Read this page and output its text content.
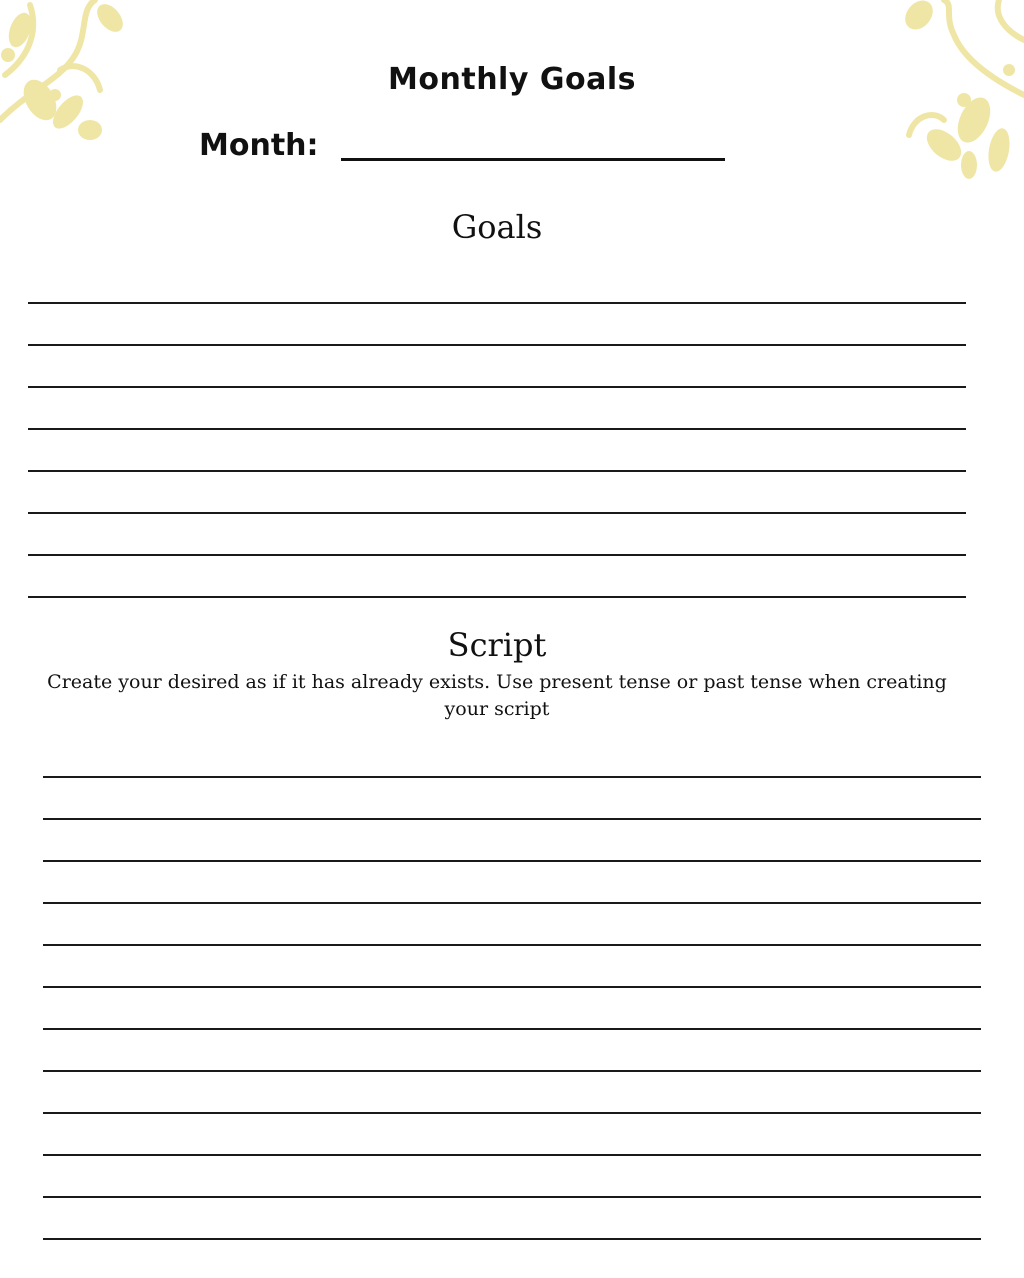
Monthly Goals
Month:
Goals
Script
Create your desired as if it has already exists. Use present tense or past tense when creating your script
